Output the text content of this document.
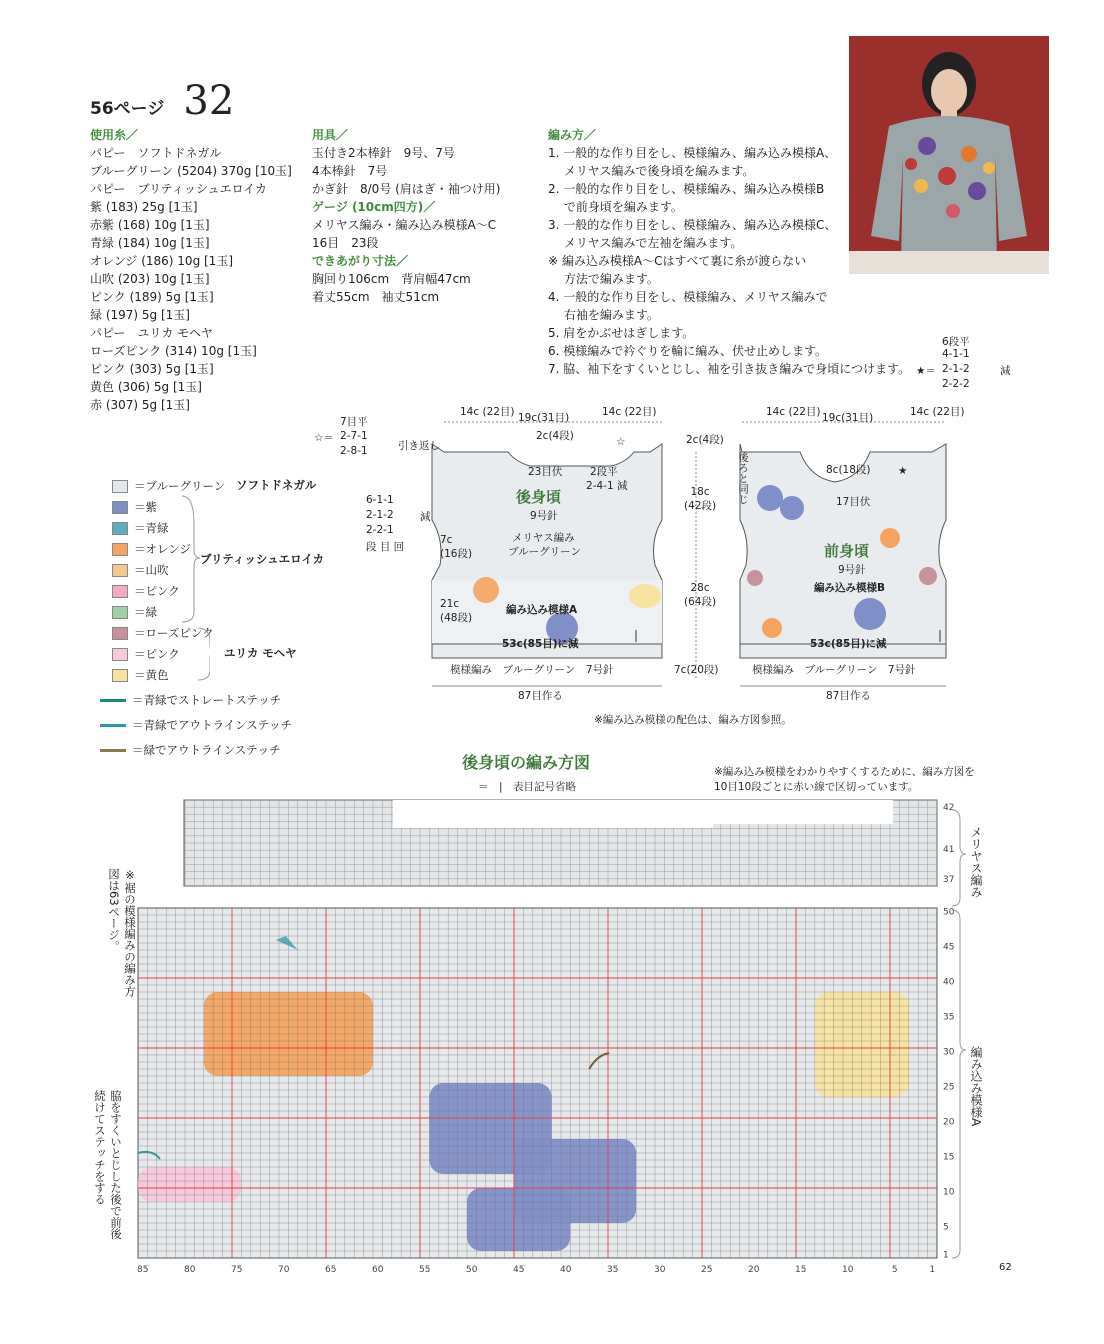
56ページ 32

使用糸／

パピー　ソフトドネガル

ブルーグリーン (5204) 370g [10玉]

パピー　ブリティッシュエロイカ

紫 (183) 25g [1玉]

赤紫 (168) 10g [1玉]

青緑 (184) 10g [1玉]

オレンジ (186) 10g [1玉]

山吹 (203) 10g [1玉]

ピンク (189) 5g [1玉]

緑 (197) 5g [1玉]

パピー　ユリカ モヘヤ

ローズピンク (314) 10g [1玉]

ピンク (303) 5g [1玉]

黄色 (306) 5g [1玉]

赤 (307) 5g [1玉]

用具／

玉付き2本棒針　9号、7号

4本棒針　7号

かぎ針　8/0号 (肩はぎ・袖つけ用)

ゲージ (10cm四方)／

メリヤス編み・編み込み模様A〜C

16目　23段

できあがり寸法／

胸回り106cm　背肩幅47cm

着丈55cm　袖丈51cm

編み方／

1. 一般的な作り目をし、模様編み、編み込み模様A、

　 メリヤス編みで後身頃を編みます。

2. 一般的な作り目をし、模様編み、編み込み模様B

　 で前身頃を編みます。

3. 一般的な作り目をし、模様編み、編み込み模様C、

　 メリヤス編みで左袖を編みます。

※ 編み込み模様A〜Cはすべて裏に糸が渡らない

　 方法で編みます。

4. 一般的な作り目をし、模様編み、メリヤス編みで

　 右袖を編みます。

5. 肩をかぶせはぎします。

6. 模様編みで衿ぐりを輪に編み、伏せ止めします。

7. 脇、袖下をすくいとじし、袖を引き抜き編みで身頃につけます。

6段平
4-1-1
★＝ 2-1-2
2-2-2
減
＝ブルーグリーン
＝紫
＝青緑
＝オレンジ
＝山吹
＝ピンク
＝緑
＝ローズピンク
＝ピンク
＝黄色
＝青緑でストレートステッチ
＝青緑でアウトラインステッチ
＝緑でアウトラインステッチ
ソフトドネガル
ブリティッシュエロイカ
ユリカ モヘヤ
14c (22目) 19c(31目)	14c (22目)
2c(4段)
23目伏	2段平
2-4-1 減
後身頃
9号針
メリヤス編み
ブルーグリーン
編み込み模様A
53c(85目)に減
模様編み　ブルーグリーン　7号針
87目作る
7目平
☆＝ 2-7-1
2-8-1	引き返し	☆
6-1-1
2-1-2
2-2-1
段 目 回
減
7c
(16段)
21c
(48段)
2c(4段)
18c
(42段)
28c
(64段)
7c(20段)
14c (22目) 19c(31目)	14c (22目)
8c(18段)	★
17目伏
後ろと同じ
前身頃
9号針
編み込み模様B
53c(85目)に減
模様編み　ブルーグリーン　7号針
87目作る
※編み込み模様の配色は、編み方図参照。
後身頃の編み方図
＝　|　表目記号省略
※編み込み模様をわかりやすくするために、編み方図を
10目10段ごとに赤い線で区切っています。
85	80	75	70	65	60	55	50	45	40	35	30	25	20	15	10	5	1
50
45
40
35
30
25
20
15
10
5
1
42
41
37 メリヤス編み
編み込み模様A
※裾の模様編みの編み方図は63ページ。
脇をすくいとじした後で前後続けてステッチをする
62
